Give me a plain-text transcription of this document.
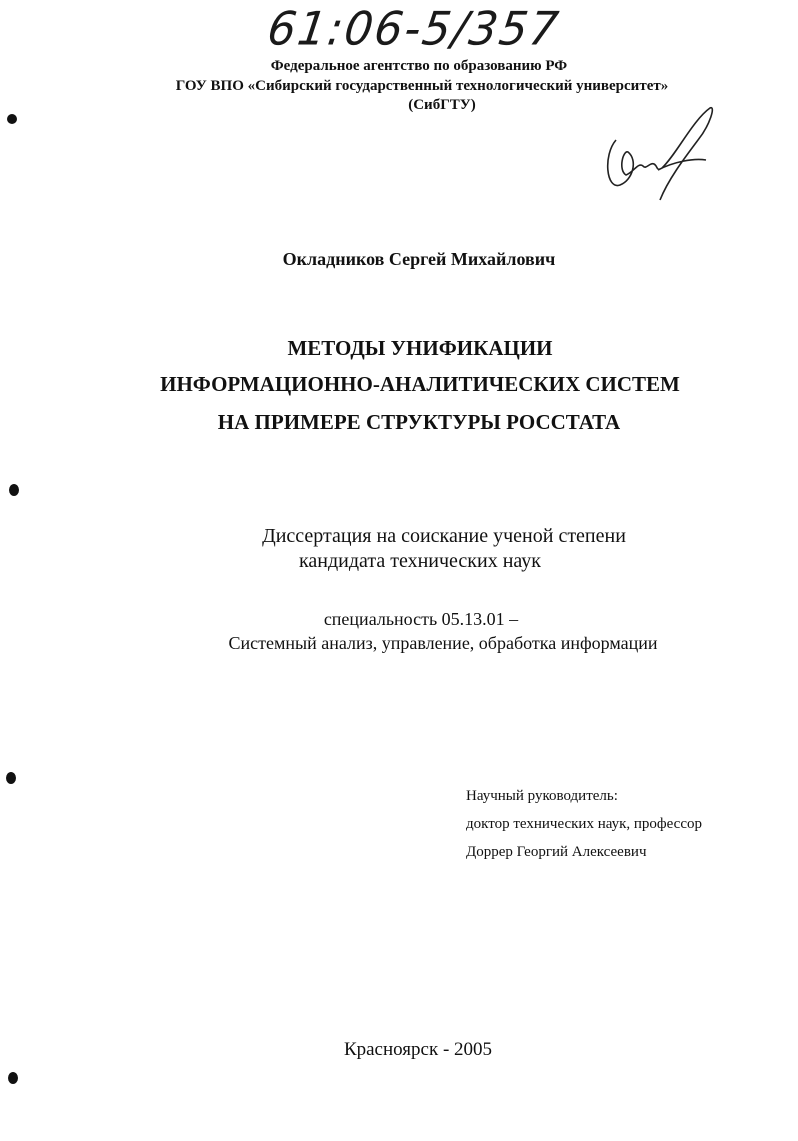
61:06-5/357
Федеральное агентство по образованию РФ
ГОУ ВПО «Сибирский государственный технологический университет»
(СибГТУ)
Окладников Сергей Михайлович
МЕТОДЫ УНИФИКАЦИИ
ИНФОРМАЦИОННО-АНАЛИТИЧЕСКИХ СИСТЕМ
НА ПРИМЕРЕ СТРУКТУРЫ РОССТАТА
Диссертация на соискание ученой степени
кандидата технических наук
специальность 05.13.01 –
Системный анализ, управление, обработка информации
Научный руководитель:
доктор технических наук, профессор
Доррер Георгий Алексеевич
Красноярск - 2005
